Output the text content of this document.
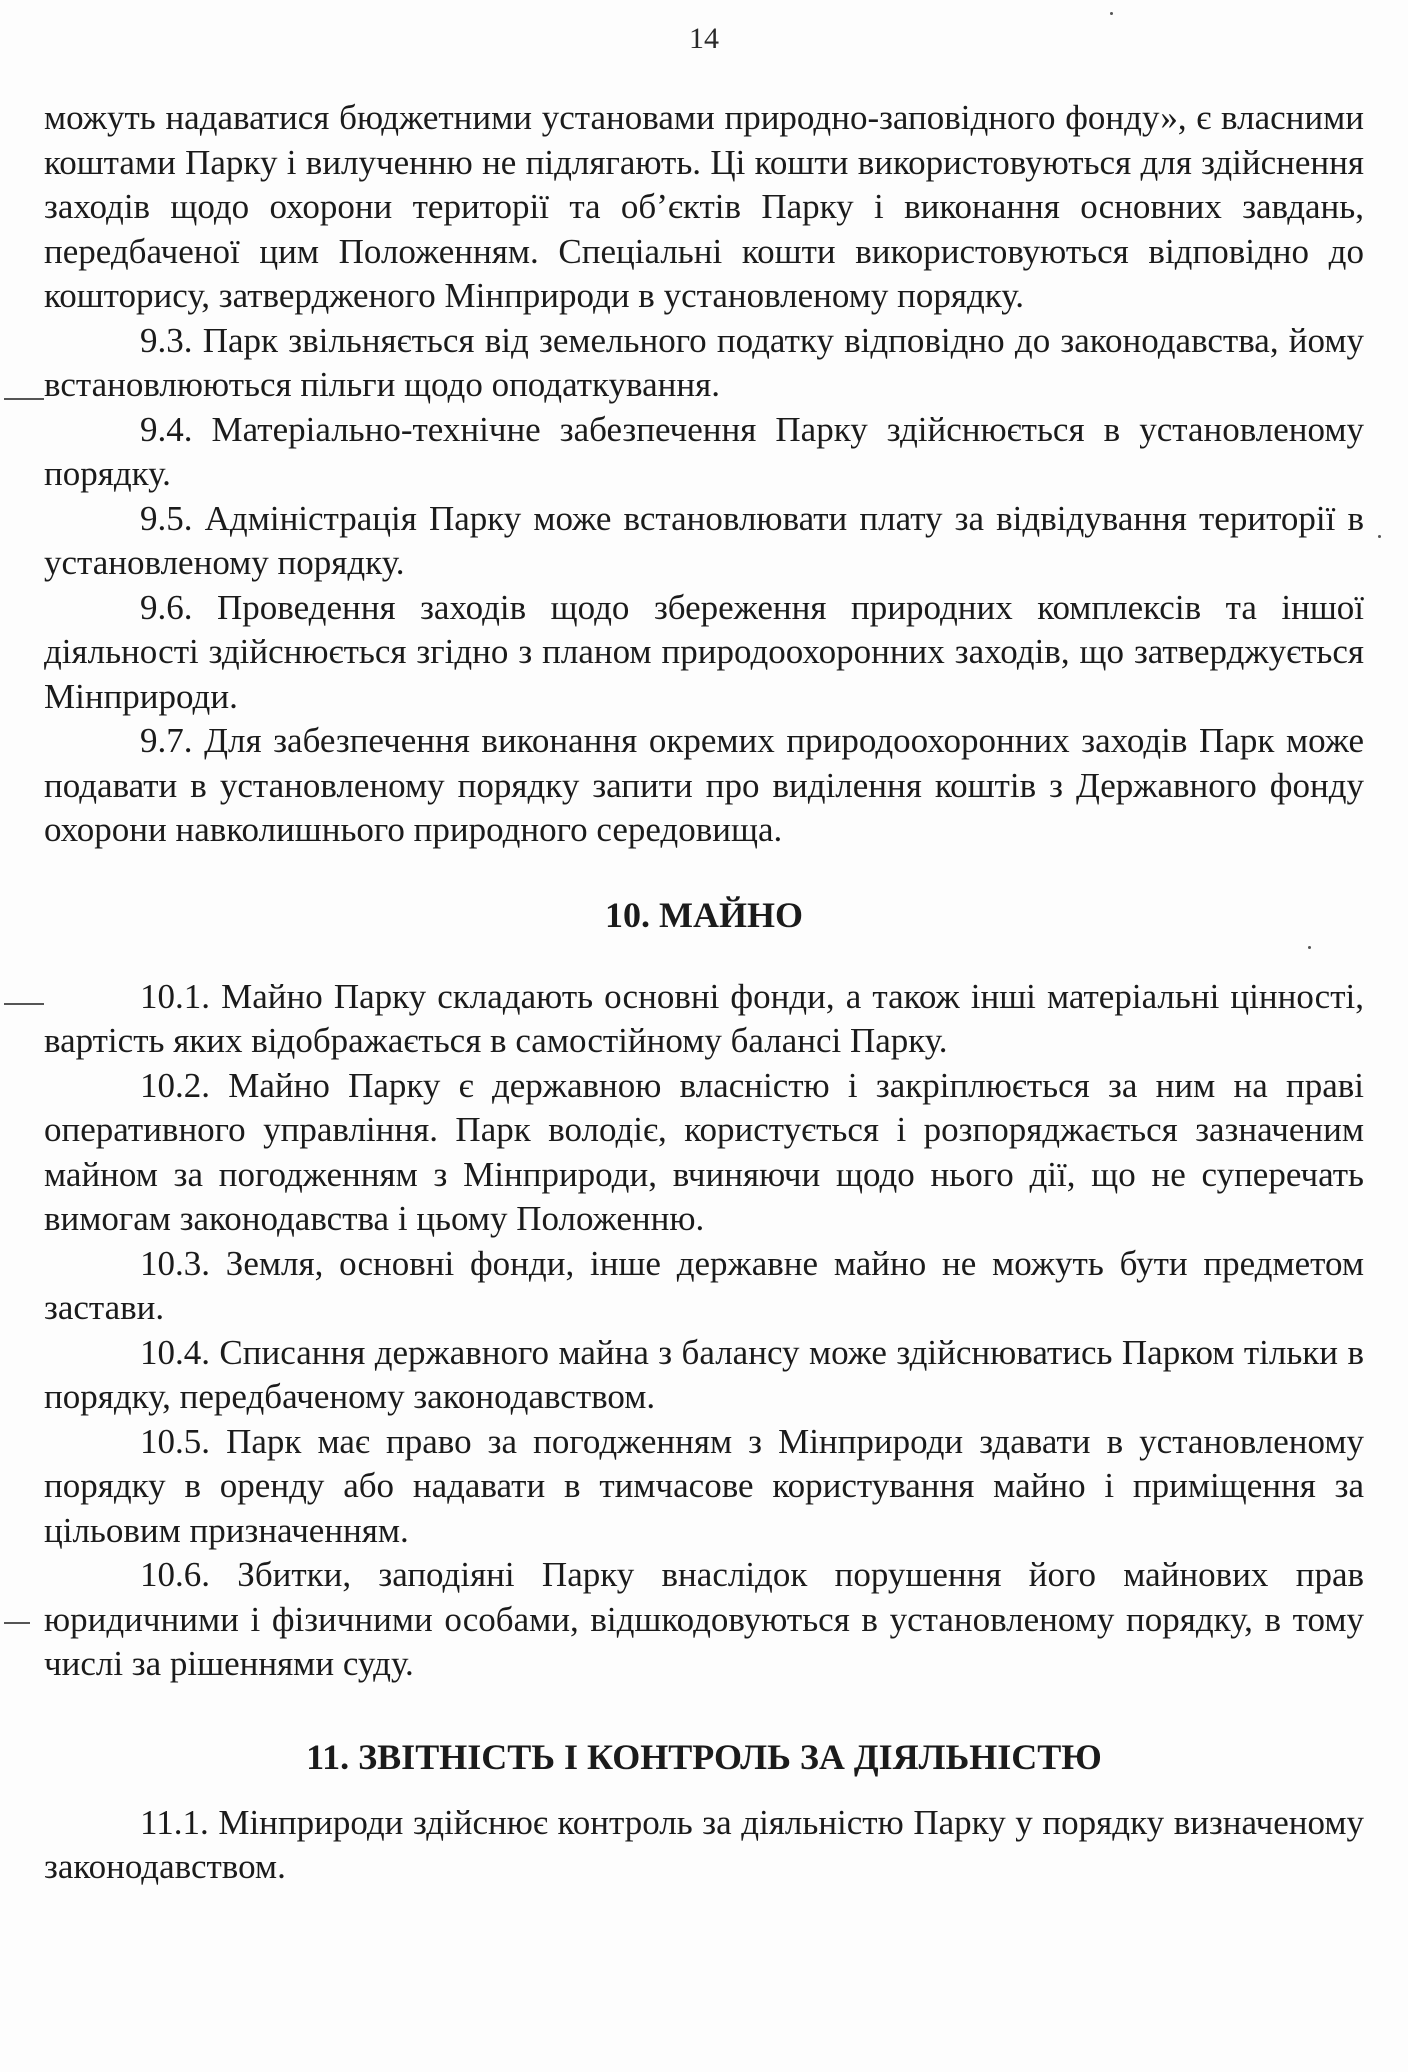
14

можуть надаватися бюджетними установами природно-заповідного фонду», є власними коштами Парку і вилученню не підлягають. Ці кошти використовуються для здійснення заходів щодо охорони території та об’єктів Парку і виконання основних завдань, передбаченої цим Положенням. Спеціальні кошти використовуються відповідно до кошторису, затвердженого Мінприроди в установленому порядку.

9.3. Парк звільняється від земельного податку відповідно до законодавства, йому встановлюються пільги щодо оподаткування.

9.4. Матеріально-технічне забезпечення Парку здійснюється в установленому порядку.

9.5. Адміністрація Парку може встановлювати плату за відвідування території в установленому порядку.

9.6. Проведення заходів щодо збереження природних комплексів та іншої діяльності здійснюється згідно з планом природоохоронних заходів, що затверджується Мінприроди.

9.7. Для забезпечення виконання окремих природоохоронних заходів Парк може подавати в установленому порядку запити про виділення коштів з Державного фонду охорони навколишнього природного середовища.

10. МАЙНО

10.1. Майно Парку складають основні фонди, а також інші матеріальні цінності, вартість яких відображається в самостійному балансі Парку.

10.2. Майно Парку є державною власністю і закріплюється за ним на праві оперативного управління. Парк володіє, користується і розпоряджається зазначеним майном за погодженням з Мінприроди, вчиняючи щодо нього дії, що не суперечать вимогам законодавства і цьому Положенню.

10.3. Земля, основні фонди, інше державне майно не можуть бути предметом застави.

10.4. Списання державного майна з балансу може здійснюватись Парком тільки в порядку, передбаченому законодавством.

10.5. Парк має право за погодженням з Мінприроди здавати в установленому порядку в оренду або надавати в тимчасове користування майно і приміщення за цільовим призначенням.

10.6. Збитки, заподіяні Парку внаслідок порушення його майнових прав юридичними і фізичними особами, відшкодовуються в установленому порядку, в тому числі за рішеннями суду.

11. ЗВІТНІСТЬ І КОНТРОЛЬ ЗА ДІЯЛЬНІСТЮ

11.1. Мінприроди здійснює контроль за діяльністю Парку у порядку визначеному законодавством.
